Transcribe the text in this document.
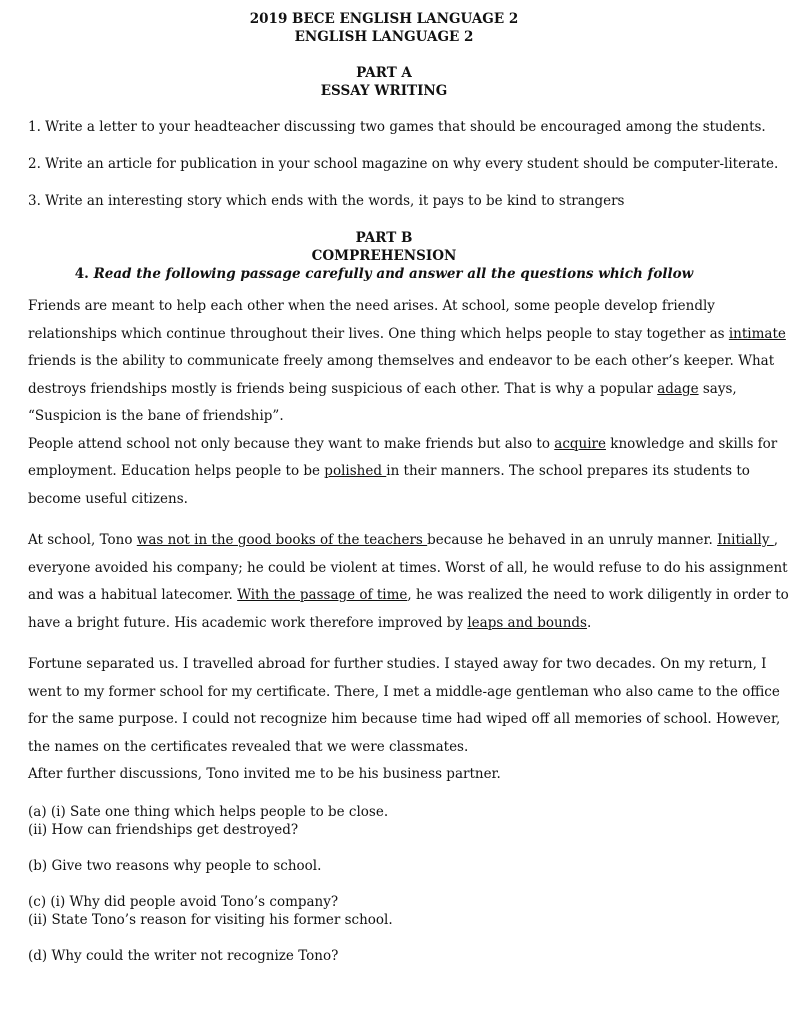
2019 BECE ENGLISH LANGUAGE 2
ENGLISH LANGUAGE 2
PART A
ESSAY WRITING
1. Write a letter to your headteacher discussing two games that should be encouraged among the students.
2. Write an article for publication in your school magazine on why every student should be computer-literate.
3. Write an interesting story which ends with the words, it pays to be kind to strangers
PART B
COMPREHENSION
4. Read the following passage carefully and answer all the questions which follow
Friends are meant to help each other when the need arises. At school, some people develop friendly
relationships which continue throughout their lives. One thing which helps people to stay together as intimate
friends is the ability to communicate freely among themselves and endeavor to be each other’s keeper. What
destroys friendships mostly is friends being suspicious of each other. That is why a popular adage says,
“Suspicion is the bane of friendship”.
People attend school not only because they want to make friends but also to acquire knowledge and skills for
employment. Education helps people to be polished in their manners. The school prepares its students to
become useful citizens.
At school, Tono was not in the good books of the teachers because he behaved in an unruly manner. Initially ,
everyone avoided his company; he could be violent at times. Worst of all, he would refuse to do his assignment
and was a habitual latecomer. With the passage of time, he was realized the need to work diligently in order to
have a bright future. His academic work therefore improved by leaps and bounds.
Fortune separated us. I travelled abroad for further studies. I stayed away for two decades. On my return, I
went to my former school for my certificate. There, I met a middle-age gentleman who also came to the office
for the same purpose. I could not recognize him because time had wiped off all memories of school. However,
the names on the certificates revealed that we were classmates.
After further discussions, Tono invited me to be his business partner.
(a) (i) Sate one thing which helps people to be close.
(ii) How can friendships get destroyed?
(b) Give two reasons why people to school.
(c) (i) Why did people avoid Tono’s company?
(ii) State Tono’s reason for visiting his former school.
(d) Why could the writer not recognize Tono?
